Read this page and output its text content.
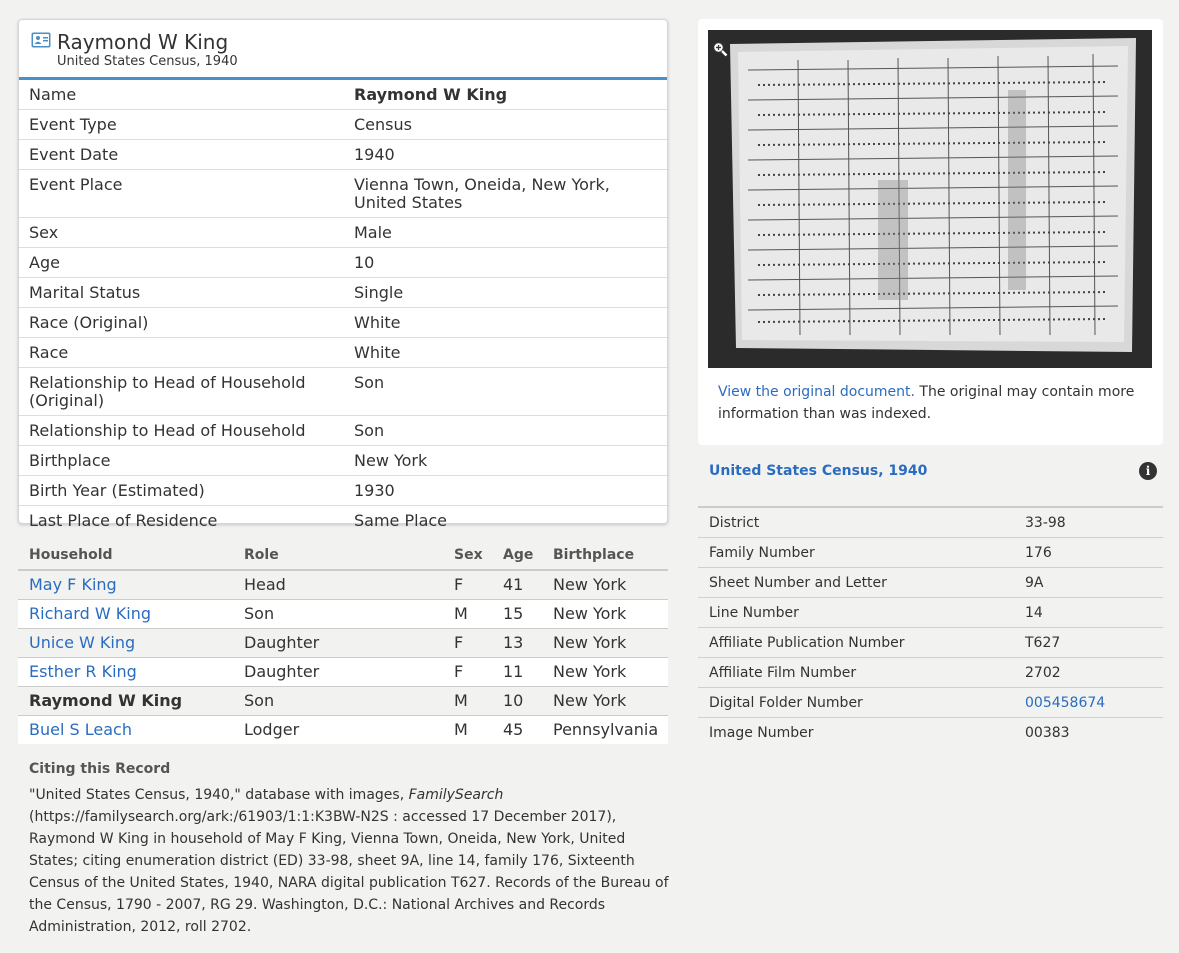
Raymond W King
United States Census, 1940
Name	Raymond W King
Event Type	Census
Event Date	1940
Event Place	Vienna Town, Oneida, New York, United States
Sex	Male
Age	10
Marital Status	Single
Race (Original)	White
Race	White
Relationship to Head of Household (Original)	Son
Relationship to Head of Household	Son
Birthplace	New York
Birth Year (Estimated)	1930
Last Place of Residence	Same Place
Household	Role	Sex	Age	Birthplace
May F King	Head	F	41	New York
Richard W King	Son	M	15	New York
Unice W King	Daughter	F	13	New York
Esther R King	Daughter	F	11	New York
Raymond W King	Son	M	10	New York
Buel S Leach	Lodger	M	45	Pennsylvania
Citing this Record
"United States Census, 1940," database with images, FamilySearch (https://familysearch.org/ark:/61903/1:1:K3BW-N2S : accessed 17 December 2017), Raymond W King in household of May F King, Vienna Town, Oneida, New York, United States; citing enumeration district (ED) 33-98, sheet 9A, line 14, family 176, Sixteenth Census of the United States, 1940, NARA digital publication T627. Records of the Bureau of the Census, 1790 - 2007, RG 29. Washington, D.C.: National Archives and Records Administration, 2012, roll 2702.
View the original document. The original may contain more information than was indexed.
United States Census, 1940	i
District	33-98
Family Number	176
Sheet Number and Letter	9A
Line Number	14
Affiliate Publication Number	T627
Affiliate Film Number	2702
Digital Folder Number	005458674
Image Number	00383
